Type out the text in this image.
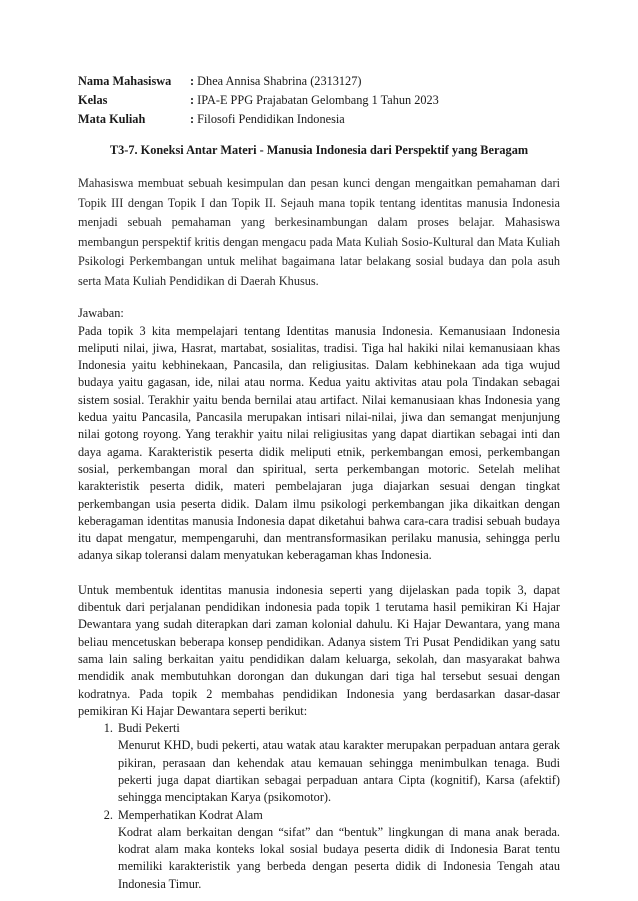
Nama Mahasiswa	: Dhea Annisa Shabrina (2313127)
Kelas	: IPA-E PPG Prajabatan Gelombang 1 Tahun 2023
Mata Kuliah	: Filosofi Pendidikan Indonesia
T3-7. Koneksi Antar Materi - Manusia Indonesia dari Perspektif yang Beragam
Mahasiswa membuat sebuah kesimpulan dan pesan kunci dengan mengaitkan pemahaman dari Topik III dengan Topik I dan Topik II. Sejauh mana topik tentang identitas manusia Indonesia menjadi sebuah pemahaman yang berkesinambungan dalam proses belajar. Mahasiswa membangun perspektif kritis dengan mengacu pada Mata Kuliah Sosio-Kultural dan Mata Kuliah Psikologi Perkembangan untuk melihat bagaimana latar belakang sosial budaya dan pola asuh serta Mata Kuliah Pendidikan di Daerah Khusus.
Jawaban:

Pada topik 3 kita mempelajari tentang Identitas manusia Indonesia. Kemanusiaan Indonesia meliputi nilai, jiwa, Hasrat, martabat, sosialitas, tradisi. Tiga hal hakiki nilai kemanusiaan khas Indonesia yaitu kebhinekaan, Pancasila, dan religiusitas. Dalam kebhinekaan ada tiga wujud budaya yaitu gagasan, ide, nilai atau norma. Kedua yaitu aktivitas atau pola Tindakan sebagai sistem sosial. Terakhir yaitu benda bernilai atau artifact. Nilai kemanusiaan khas Indonesia yang kedua yaitu Pancasila, Pancasila merupakan intisari nilai-nilai, jiwa dan semangat menjunjung nilai gotong royong. Yang terakhir yaitu nilai religiusitas yang dapat diartikan sebagai inti dan daya agama. Karakteristik peserta didik meliputi etnik, perkembangan emosi, perkembangan sosial, perkembangan moral dan spiritual, serta perkembangan motoric. Setelah melihat karakteristik peserta didik, materi pembelajaran juga diajarkan sesuai dengan tingkat perkembangan usia peserta didik. Dalam ilmu psikologi perkembangan jika dikaitkan dengan keberagaman identitas manusia Indonesia dapat diketahui bahwa cara-cara tradisi sebuah budaya itu dapat mengatur, mempengaruhi, dan mentransformasikan perilaku manusia, sehingga perlu adanya sikap toleransi dalam menyatukan keberagaman khas Indonesia.

Untuk membentuk identitas manusia indonesia seperti yang dijelaskan pada topik 3, dapat dibentuk dari perjalanan pendidikan indonesia pada topik 1 terutama hasil pemikiran Ki Hajar Dewantara yang sudah diterapkan dari zaman kolonial dahulu. Ki Hajar Dewantara, yang mana beliau mencetuskan beberapa konsep pendidikan. Adanya sistem Tri Pusat Pendidikan yang satu sama lain saling berkaitan yaitu pendidikan dalam keluarga, sekolah, dan masyarakat bahwa mendidik anak membutuhkan dorongan dan dukungan dari tiga hal tersebut sesuai dengan kodratnya. Pada topik 2 membahas pendidikan Indonesia yang berdasarkan dasar-dasar pemikiran Ki Hajar Dewantara seperti berikut:

1. Budi Pekerti
Menurut KHD, budi pekerti, atau watak atau karakter merupakan perpaduan antara gerak pikiran, perasaan dan kehendak atau kemauan sehingga menimbulkan tenaga. Budi pekerti juga dapat diartikan sebagai perpaduan antara Cipta (kognitif), Karsa (afektif) sehingga menciptakan Karya (psikomotor).
2. Memperhatikan Kodrat Alam
Kodrat alam berkaitan dengan “sifat” dan “bentuk” lingkungan di mana anak berada. kodrat alam maka konteks lokal sosial budaya peserta didik di Indonesia Barat tentu memiliki karakteristik yang berbeda dengan peserta didik di Indonesia Tengah atau Indonesia Timur.
